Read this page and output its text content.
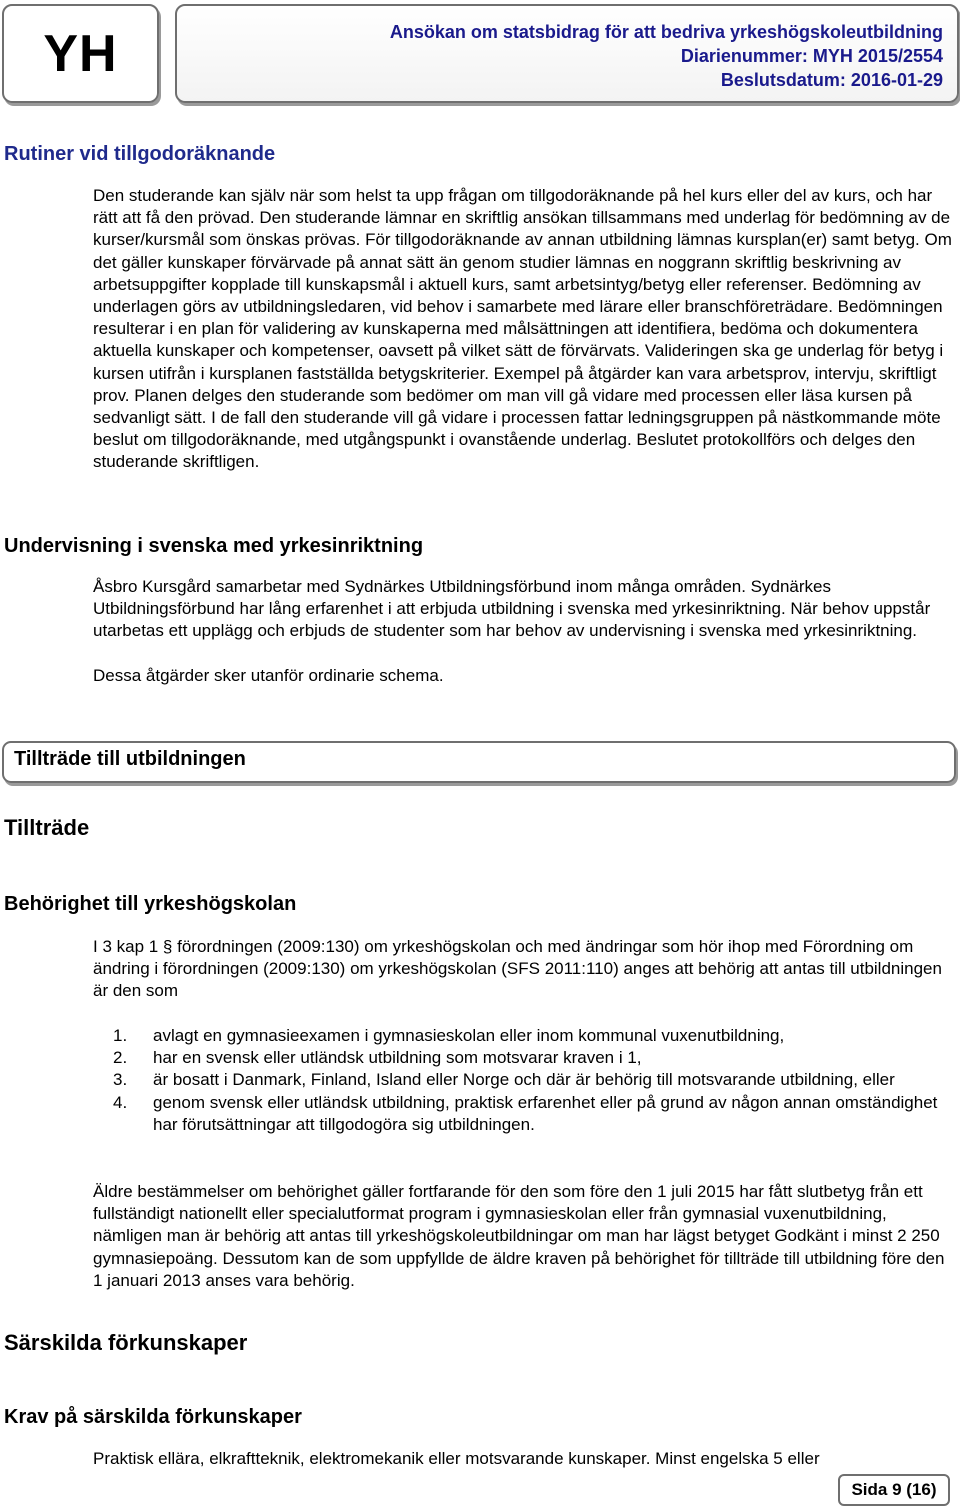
YH	Ansökan om statsbidrag för att bedriva yrkeshögskoleutbildning
Diarienummer: MYH 2015/2554
Beslutsdatum: 2016-01-29
Rutiner vid tillgodoräknande

Den studerande kan själv när som helst ta upp frågan om tillgodoräknande på hel kurs eller del av kurs, och har rätt att få den prövad. Den studerande lämnar en skriftlig ansökan tillsammans med underlag för bedömning av de kurser/kursmål som önskas prövas. För tillgodoräknande av annan utbildning lämnas kursplan(er) samt betyg. Om det gäller kunskaper förvärvade på annat sätt än genom studier lämnas en noggrann skriftlig beskrivning av arbetsuppgifter kopplade till kunskapsmål i aktuell kurs, samt arbetsintyg/betyg eller referenser. Bedömning av underlagen görs av utbildningsledaren, vid behov i samarbete med lärare eller branschföreträdare. Bedömningen resulterar i en plan för validering av kunskaperna med målsättningen att identifiera, bedöma och dokumentera aktuella kunskaper och kompetenser, oavsett på vilket sätt de förvärvats. Valideringen ska ge underlag för betyg i kursen utifrån i kursplanen fastställda betygskriterier. Exempel på åtgärder kan vara arbetsprov, intervju, skriftligt prov. Planen delges den studerande som bedömer om man vill gå vidare med processen eller läsa kursen på sedvanligt sätt. I de fall den studerande vill gå vidare i processen fattar ledningsgruppen på nästkommande möte beslut om tillgodoräknande, med utgångspunkt i ovanstående underlag. Beslutet protokollförs och delges den studerande skriftligen.

Undervisning i svenska med yrkesinriktning

Åsbro Kursgård samarbetar med Sydnärkes Utbildningsförbund inom många områden. Sydnärkes Utbildningsförbund har lång erfarenhet i att erbjuda utbildning i svenska med yrkesinriktning. När behov uppstår utarbetas ett upplägg och erbjuds de studenter som har behov av undervisning i svenska med yrkesinriktning.

Dessa åtgärder sker utanför ordinarie schema.

Tillträde till utbildningen
Tillträde
Behörighet till yrkeshögskolan

I 3 kap 1 § förordningen (2009:130) om yrkeshögskolan och med ändringar som hör ihop med Förordning om ändring i förordningen (2009:130) om yrkeshögskolan (SFS 2011:110) anges att behörig att antas till utbildningen är den som

1. avlagt en gymnasieexamen i gymnasieskolan eller inom kommunal vuxenutbildning,
2. har en svensk eller utländsk utbildning som motsvarar kraven i 1,
3. är bosatt i Danmark, Finland, Island eller Norge och där är behörig till motsvarande utbildning, eller
4. genom svensk eller utländsk utbildning, praktisk erfarenhet eller på grund av någon annan omständighet har förutsättningar att tillgodogöra sig utbildningen.

Äldre bestämmelser om behörighet gäller fortfarande för den som före den 1 juli 2015 har fått slutbetyg från ett fullständigt nationellt eller specialutformat program i gymnasieskolan eller från gymnasial vuxenutbildning, nämligen man är behörig att antas till yrkeshögskoleutbildningar om man har lägst betyget Godkänt i minst 2 250 gymnasiepoäng. Dessutom kan de som uppfyllde de äldre kraven på behörighet för tillträde till utbildning före den 1 januari 2013 anses vara behörig.

Särskilda förkunskaper
Krav på särskilda förkunskaper

Praktisk ellära, elkraftteknik, elektromekanik eller motsvarande kunskaper. Minst engelska 5 eller

Sida 9 (16)
